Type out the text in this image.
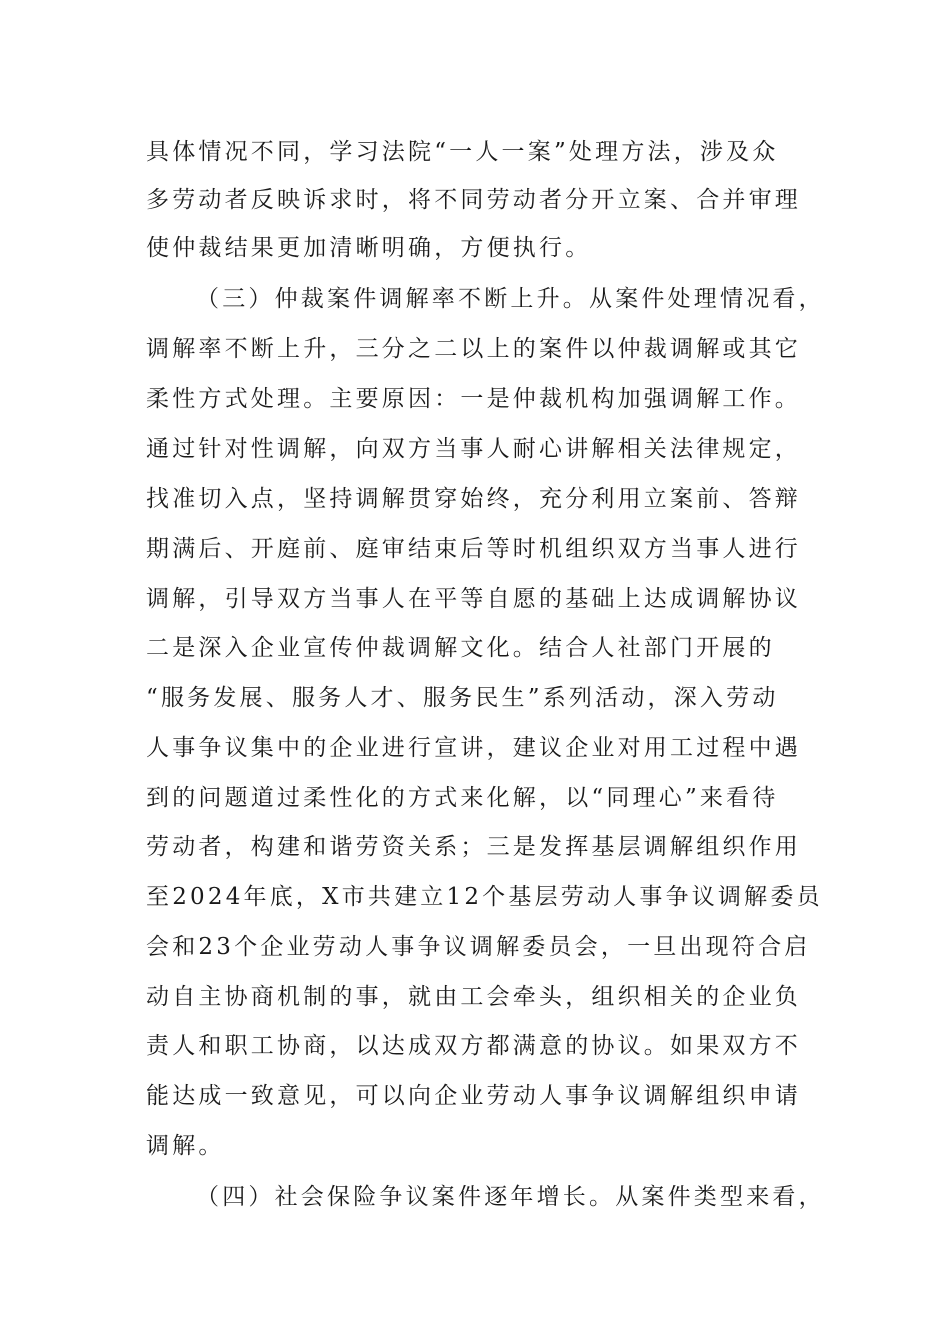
具体情况不同，学习法院“一人一案”处理方法，涉及众
多劳动者反映诉求时，将不同劳动者分开立案、合并审理
使仲裁结果更加清晰明确，方便执行。
（三）仲裁案件调解率不断上升。从案件处理情况看，
调解率不断上升，三分之二以上的案件以仲裁调解或其它
柔性方式处理。主要原因：一是仲裁机构加强调解工作。
通过针对性调解，向双方当事人耐心讲解相关法律规定，
找准切入点，坚持调解贯穿始终，充分利用立案前、答辩
期满后、开庭前、庭审结束后等时机组织双方当事人进行
调解，引导双方当事人在平等自愿的基础上达成调解协议
二是深入企业宣传仲裁调解文化。结合人社部门开展的
“服务发展、服务人才、服务民生”系列活动，深入劳动
人事争议集中的企业进行宣讲，建议企业对用工过程中遇
到的问题道过柔性化的方式来化解，以“同理心”来看待
劳动者，构建和谐劳资关系；三是发挥基层调解组织作用
至2024年底，X市共建立12个基层劳动人事争议调解委员
会和23个企业劳动人事争议调解委员会，一旦出现符合启
动自主协商机制的事，就由工会牵头，组织相关的企业负
责人和职工协商，以达成双方都满意的协议。如果双方不
能达成一致意见，可以向企业劳动人事争议调解组织申请
调解。
（四）社会保险争议案件逐年增长。从案件类型来看，
